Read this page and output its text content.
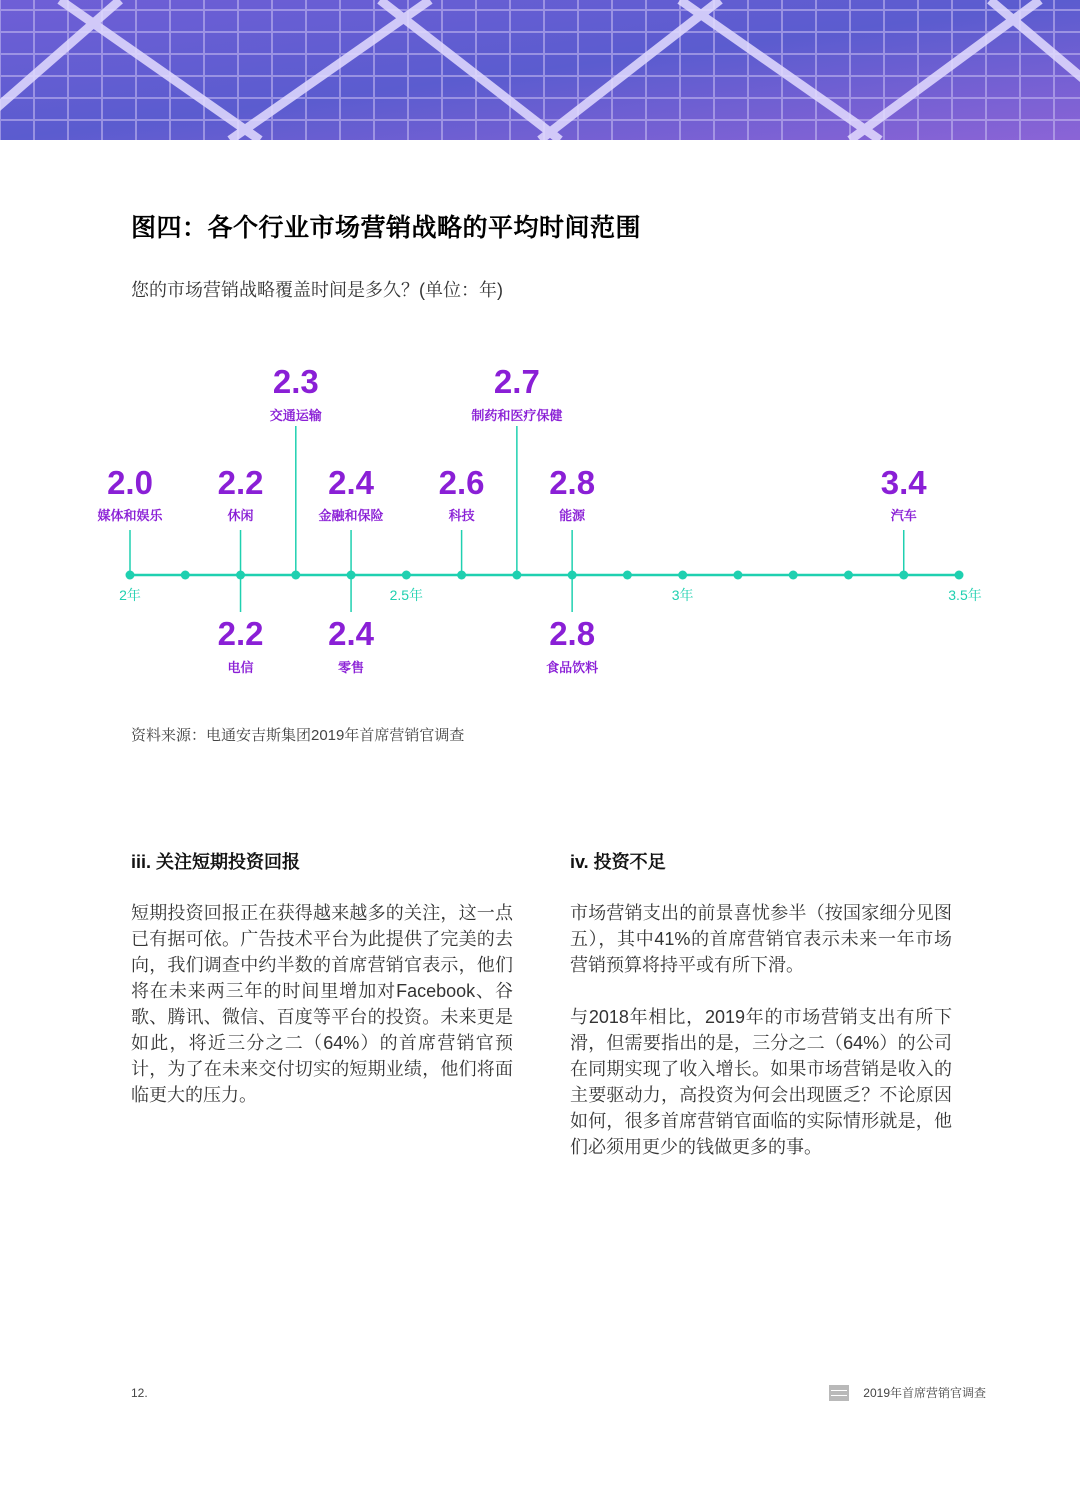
图四：各个行业市场营销战略的平均时间范围

您的市场营销战略覆盖时间是多久？(单位：年)

2年	2.5年	3年	3.5年
2.0
媒体和娱乐
2.2
休闲
2.2
电信
2.3
交通运输
2.4
金融和保险
2.4
零售
2.6
科技
2.7
制药和医疗保健
2.8
能源
2.8
食品饮料
3.4
汽车

资料来源：电通安吉斯集团2019年首席营销官调查

iii. 关注短期投资回报

短期投资回报正在获得越来越多的关注，这一点已有据可依。广告技术平台为此提供了完美的去向，我们调查中约半数的首席营销官表示，他们将在未来两三年的时间里增加对Facebook、谷歌、腾讯、微信、百度等平台的投资。未来更是如此，将近三分之二（64%）的首席营销官预计，为了在未来交付切实的短期业绩，他们将面临更大的压力。

iv. 投资不足

市场营销支出的前景喜忧参半（按国家细分见图五），其中41%的首席营销官表示未来一年市场营销预算将持平或有所下滑。

与2018年相比，2019年的市场营销支出有所下滑，但需要指出的是，三分之二（64%）的公司在同期实现了收入增长。如果市场营销是收入的主要驱动力，高投资为何会出现匮乏？不论原因如何，很多首席营销官面临的实际情形就是，他们必须用更少的钱做更多的事。

12.	2019年首席营销官调查
